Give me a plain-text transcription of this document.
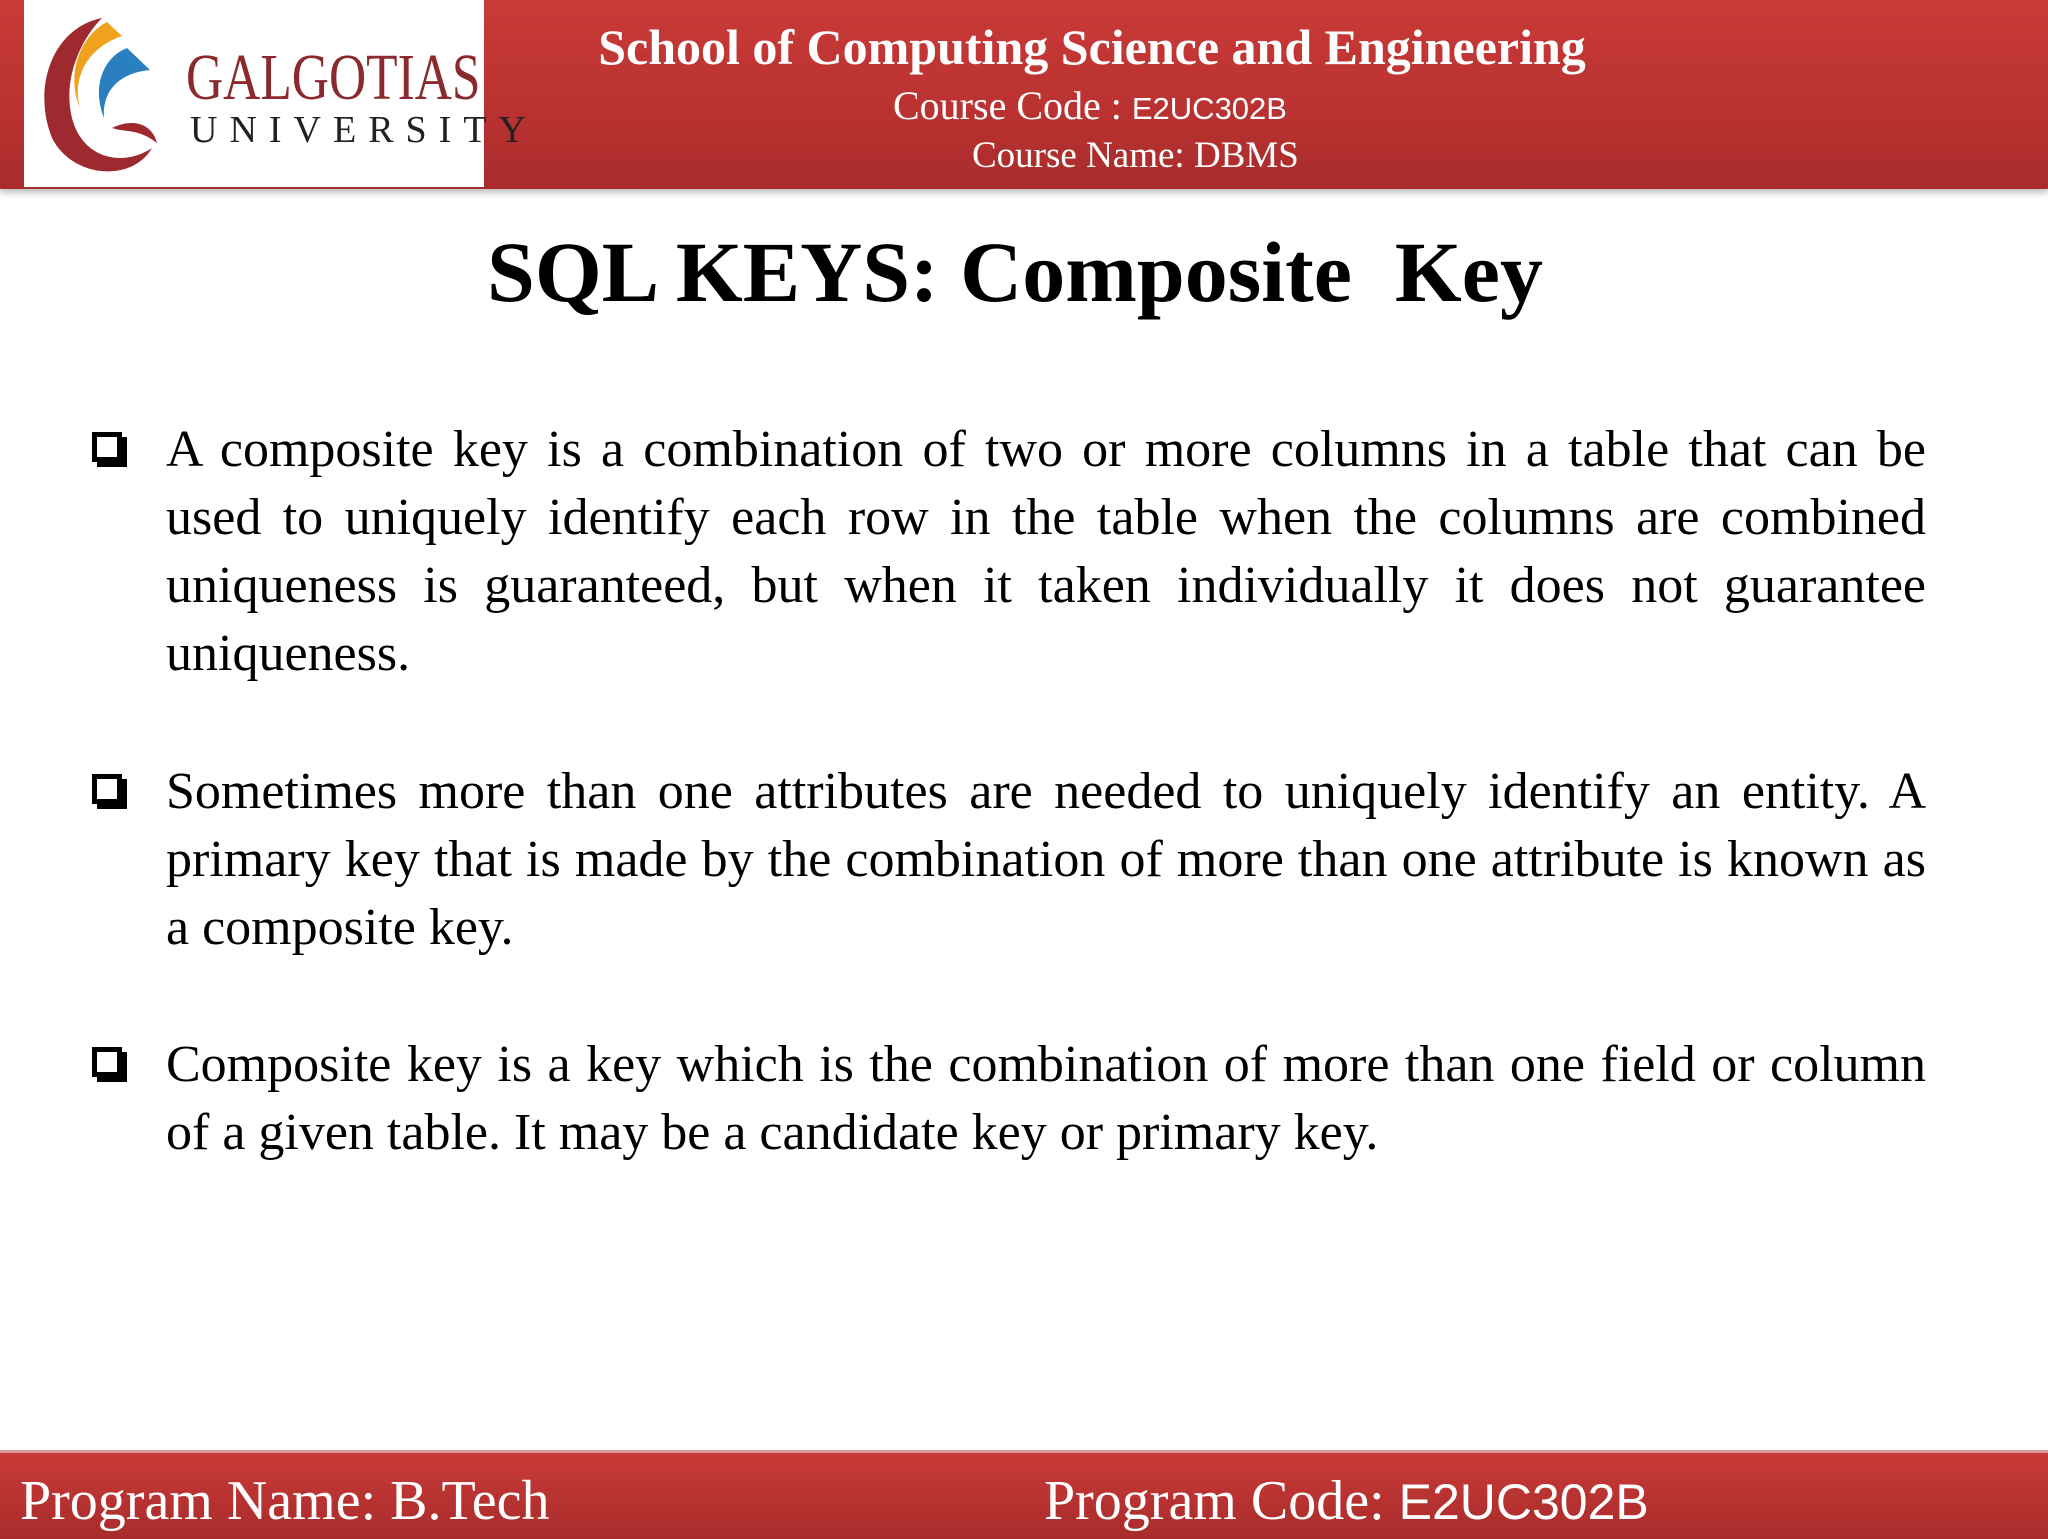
GALGOTIAS
UNIVERSITY
School of Computing Science and Engineering
Course Code : E2UC302B
Course Name: DBMS
SQL KEYS: Composite  Key
A composite key is a combination of two or more columns in a table that can be used to uniquely identify each row in the table when the columns are combined uniqueness is guaranteed, but when it taken individually it does not guarantee uniqueness.
Sometimes more than one attributes are needed to uniquely identify an entity. A primary key that is made by the combination of more than one attribute is known as a composite key.
Composite key is a key which is the combination of more than one field or column of a given table. It may be a candidate key or primary key.
Program Name: B.Tech	Program Code: E2UC302B
